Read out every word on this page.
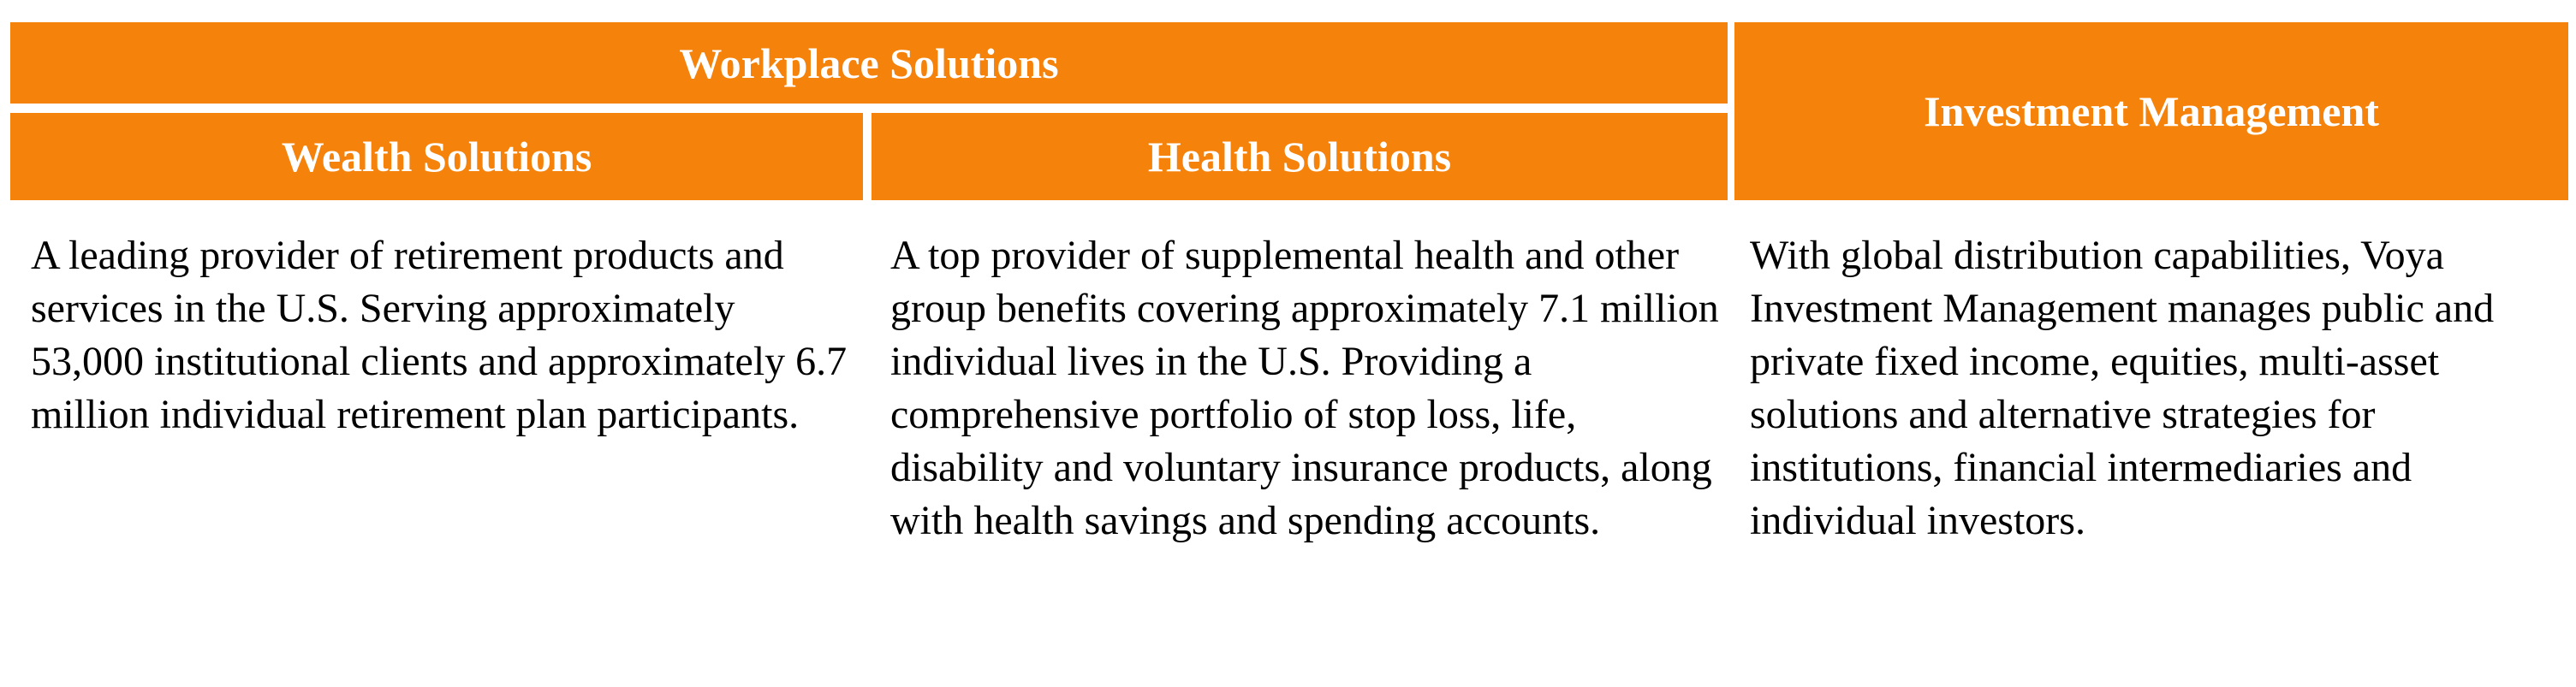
Workplace Solutions
Wealth Solutions	Health Solutions
Investment Management
A leading provider of retirement products and services in the U.S. Serving approximately 53,000 institutional clients and approximately 6.7 million individual retirement plan participants.
A top provider of supplemental health and other group benefits covering approximately 7.1 million individual lives in the U.S. Providing a comprehensive portfolio of stop loss, life, disability and voluntary insurance products, along with health savings and spending accounts.
With global distribution capabilities, Voya Investment Management manages public and private fixed income, equities, multi-asset solutions and alternative strategies for institutions, financial intermediaries and individual investors.
